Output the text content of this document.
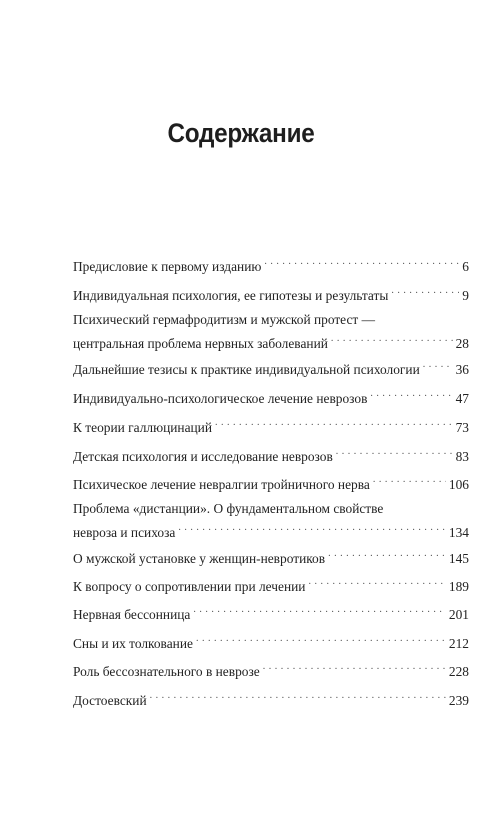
Содержание
Предисловие к первому изданию . . .	6
Индивидуальная психология, ее гипотезы и результаты . . .	9
Психический гермафродитизм и мужской протест —
центральная проблема нервных заболеваний . . .	28
Дальнейшие тезисы к практике индивидуальной психологии . . .	36
Индивидуально-психологическое лечение неврозов . . .	47
К теории галлюцинаций . . .	73
Детская психология и исследование неврозов . . .	83
Психическое лечение невралгии тройничного нерва . . .	106
Проблема «дистанции». О фундаментальном свойстве
невроза и психоза . . .	134
О мужской установке у женщин-невротиков . . .	145
К вопросу о сопротивлении при лечении . . .	189
Нервная бессонница . . .	201
Сны и их толкование . . .	212
Роль бессознательного в неврозе . . .	228
Достоевский . . .	239
